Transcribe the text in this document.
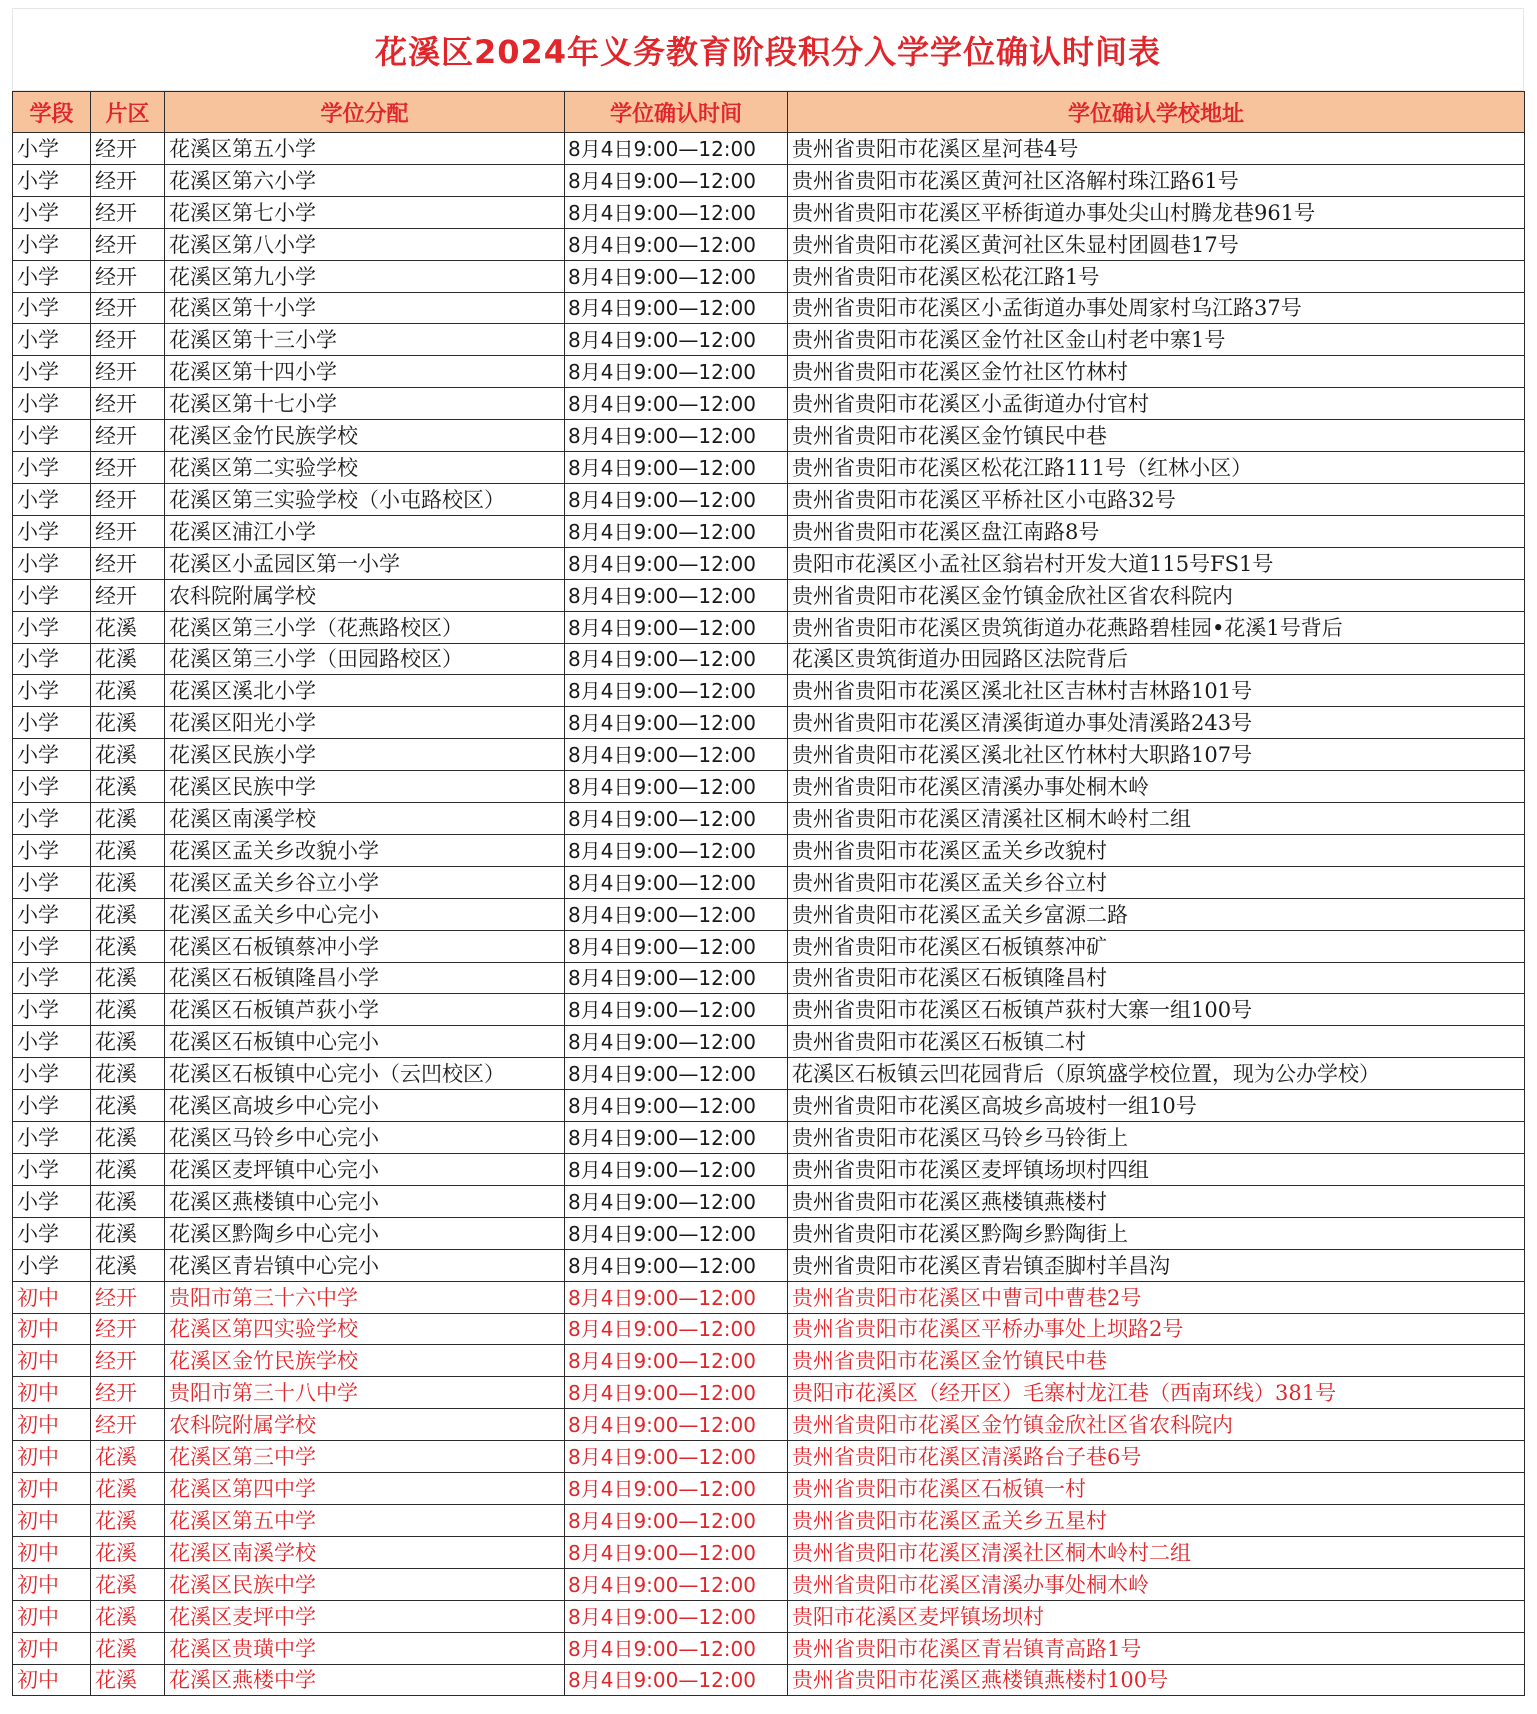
花溪区2024年义务教育阶段积分入学学位确认时间表
学段	片区	学位分配	学位确认时间	学位确认学校地址
小学	经开	花溪区第五小学	8月4日9:00—12:00	贵州省贵阳市花溪区星河巷4号
小学	经开	花溪区第六小学	8月4日9:00—12:00	贵州省贵阳市花溪区黄河社区洛解村珠江路61号
小学	经开	花溪区第七小学	8月4日9:00—12:00	贵州省贵阳市花溪区平桥街道办事处尖山村腾龙巷961号
小学	经开	花溪区第八小学	8月4日9:00—12:00	贵州省贵阳市花溪区黄河社区朱显村团圆巷17号
小学	经开	花溪区第九小学	8月4日9:00—12:00	贵州省贵阳市花溪区松花江路1号
小学	经开	花溪区第十小学	8月4日9:00—12:00	贵州省贵阳市花溪区小孟街道办事处周家村乌江路37号
小学	经开	花溪区第十三小学	8月4日9:00—12:00	贵州省贵阳市花溪区金竹社区金山村老中寨1号
小学	经开	花溪区第十四小学	8月4日9:00—12:00	贵州省贵阳市花溪区金竹社区竹林村
小学	经开	花溪区第十七小学	8月4日9:00—12:00	贵州省贵阳市花溪区小孟街道办付官村
小学	经开	花溪区金竹民族学校	8月4日9:00—12:00	贵州省贵阳市花溪区金竹镇民中巷
小学	经开	花溪区第二实验学校	8月4日9:00—12:00	贵州省贵阳市花溪区松花江路111号（红林小区）
小学	经开	花溪区第三实验学校（小屯路校区）	8月4日9:00—12:00	贵州省贵阳市花溪区平桥社区小屯路32号
小学	经开	花溪区浦江小学	8月4日9:00—12:00	贵州省贵阳市花溪区盘江南路8号
小学	经开	花溪区小孟园区第一小学	8月4日9:00—12:00	贵阳市花溪区小孟社区翁岩村开发大道115号FS1号
小学	经开	农科院附属学校	8月4日9:00—12:00	贵州省贵阳市花溪区金竹镇金欣社区省农科院内
小学	花溪	花溪区第三小学（花燕路校区）	8月4日9:00—12:00	贵州省贵阳市花溪区贵筑街道办花燕路碧桂园•花溪1号背后
小学	花溪	花溪区第三小学（田园路校区）	8月4日9:00—12:00	花溪区贵筑街道办田园路区法院背后
小学	花溪	花溪区溪北小学	8月4日9:00—12:00	贵州省贵阳市花溪区溪北社区吉林村吉林路101号
小学	花溪	花溪区阳光小学	8月4日9:00—12:00	贵州省贵阳市花溪区清溪街道办事处清溪路243号
小学	花溪	花溪区民族小学	8月4日9:00—12:00	贵州省贵阳市花溪区溪北社区竹林村大职路107号
小学	花溪	花溪区民族中学	8月4日9:00—12:00	贵州省贵阳市花溪区清溪办事处桐木岭
小学	花溪	花溪区南溪学校	8月4日9:00—12:00	贵州省贵阳市花溪区清溪社区桐木岭村二组
小学	花溪	花溪区孟关乡改貌小学	8月4日9:00—12:00	贵州省贵阳市花溪区孟关乡改貌村
小学	花溪	花溪区孟关乡谷立小学	8月4日9:00—12:00	贵州省贵阳市花溪区孟关乡谷立村
小学	花溪	花溪区孟关乡中心完小	8月4日9:00—12:00	贵州省贵阳市花溪区孟关乡富源二路
小学	花溪	花溪区石板镇蔡冲小学	8月4日9:00—12:00	贵州省贵阳市花溪区石板镇蔡冲矿
小学	花溪	花溪区石板镇隆昌小学	8月4日9:00—12:00	贵州省贵阳市花溪区石板镇隆昌村
小学	花溪	花溪区石板镇芦荻小学	8月4日9:00—12:00	贵州省贵阳市花溪区石板镇芦荻村大寨一组100号
小学	花溪	花溪区石板镇中心完小	8月4日9:00—12:00	贵州省贵阳市花溪区石板镇二村
小学	花溪	花溪区石板镇中心完小（云凹校区）	8月4日9:00—12:00	花溪区石板镇云凹花园背后（原筑盛学校位置，现为公办学校）
小学	花溪	花溪区高坡乡中心完小	8月4日9:00—12:00	贵州省贵阳市花溪区高坡乡高坡村一组10号
小学	花溪	花溪区马铃乡中心完小	8月4日9:00—12:00	贵州省贵阳市花溪区马铃乡马铃街上
小学	花溪	花溪区麦坪镇中心完小	8月4日9:00—12:00	贵州省贵阳市花溪区麦坪镇场坝村四组
小学	花溪	花溪区燕楼镇中心完小	8月4日9:00—12:00	贵州省贵阳市花溪区燕楼镇燕楼村
小学	花溪	花溪区黔陶乡中心完小	8月4日9:00—12:00	贵州省贵阳市花溪区黔陶乡黔陶街上
小学	花溪	花溪区青岩镇中心完小	8月4日9:00—12:00	贵州省贵阳市花溪区青岩镇歪脚村羊昌沟
初中	经开	贵阳市第三十六中学	8月4日9:00—12:00	贵州省贵阳市花溪区中曹司中曹巷2号
初中	经开	花溪区第四实验学校	8月4日9:00—12:00	贵州省贵阳市花溪区平桥办事处上坝路2号
初中	经开	花溪区金竹民族学校	8月4日9:00—12:00	贵州省贵阳市花溪区金竹镇民中巷
初中	经开	贵阳市第三十八中学	8月4日9:00—12:00	贵阳市花溪区（经开区）毛寨村龙江巷（西南环线）381号
初中	经开	农科院附属学校	8月4日9:00—12:00	贵州省贵阳市花溪区金竹镇金欣社区省农科院内
初中	花溪	花溪区第三中学	8月4日9:00—12:00	贵州省贵阳市花溪区清溪路台子巷6号
初中	花溪	花溪区第四中学	8月4日9:00—12:00	贵州省贵阳市花溪区石板镇一村
初中	花溪	花溪区第五中学	8月4日9:00—12:00	贵州省贵阳市花溪区孟关乡五星村
初中	花溪	花溪区南溪学校	8月4日9:00—12:00	贵州省贵阳市花溪区清溪社区桐木岭村二组
初中	花溪	花溪区民族中学	8月4日9:00—12:00	贵州省贵阳市花溪区清溪办事处桐木岭
初中	花溪	花溪区麦坪中学	8月4日9:00—12:00	贵阳市花溪区麦坪镇场坝村
初中	花溪	花溪区贵璜中学	8月4日9:00—12:00	贵州省贵阳市花溪区青岩镇青高路1号
初中	花溪	花溪区燕楼中学	8月4日9:00—12:00	贵州省贵阳市花溪区燕楼镇燕楼村100号
